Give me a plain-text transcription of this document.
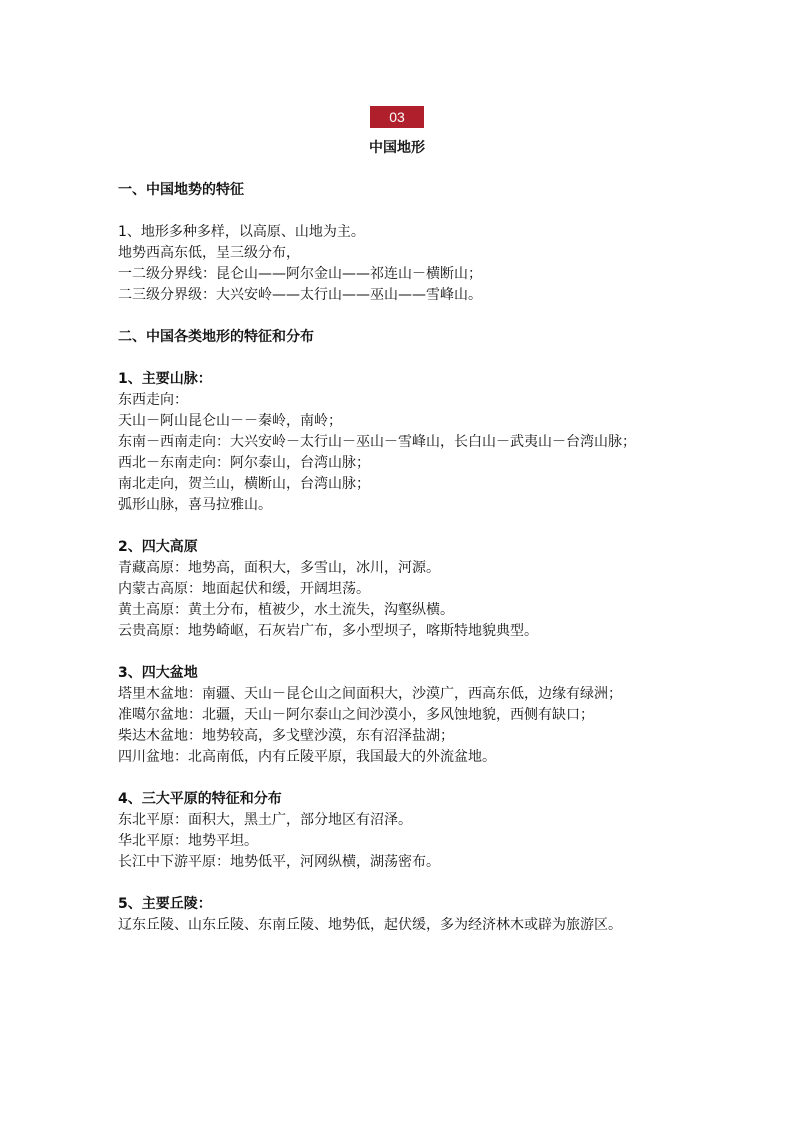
03
中国地形

一、中国地势的特征

1、地形多种多样，以高原、山地为主。

地势西高东低，呈三级分布，

一二级分界线：昆仑山——阿尔金山——祁连山－横断山；

二三级分界级：大兴安岭——太行山——巫山——雪峰山。

二、中国各类地形的特征和分布

1、主要山脉：

东西走向：

天山－阿山昆仑山－－秦岭，南岭；

东南－西南走向：大兴安岭－太行山－巫山－雪峰山，长白山－武夷山－台湾山脉；

西北－东南走向：阿尔泰山，台湾山脉；

南北走向，贺兰山，横断山，台湾山脉；

弧形山脉，喜马拉雅山。

2、四大高原

青藏高原：地势高，面积大，多雪山，冰川，河源。

内蒙古高原：地面起伏和缓，开阔坦荡。

黄土高原：黄土分布，植被少，水土流失，沟壑纵横。

云贵高原：地势崎岖，石灰岩广布，多小型坝子，喀斯特地貌典型。

3、四大盆地

塔里木盆地：南疆、天山－昆仑山之间面积大，沙漠广，西高东低，边缘有绿洲；

准噶尔盆地：北疆，天山－阿尔泰山之间沙漠小，多风蚀地貌，西侧有缺口；

柴达木盆地：地势较高，多戈壁沙漠，东有沼泽盐湖；

四川盆地：北高南低，内有丘陵平原，我国最大的外流盆地。

4、三大平原的特征和分布

东北平原：面积大，黑土广，部分地区有沼泽。

华北平原：地势平坦。

长江中下游平原：地势低平，河网纵横，湖荡密布。

5、主要丘陵：

辽东丘陵、山东丘陵、东南丘陵、地势低，起伏缓，多为经济林木或辟为旅游区。
